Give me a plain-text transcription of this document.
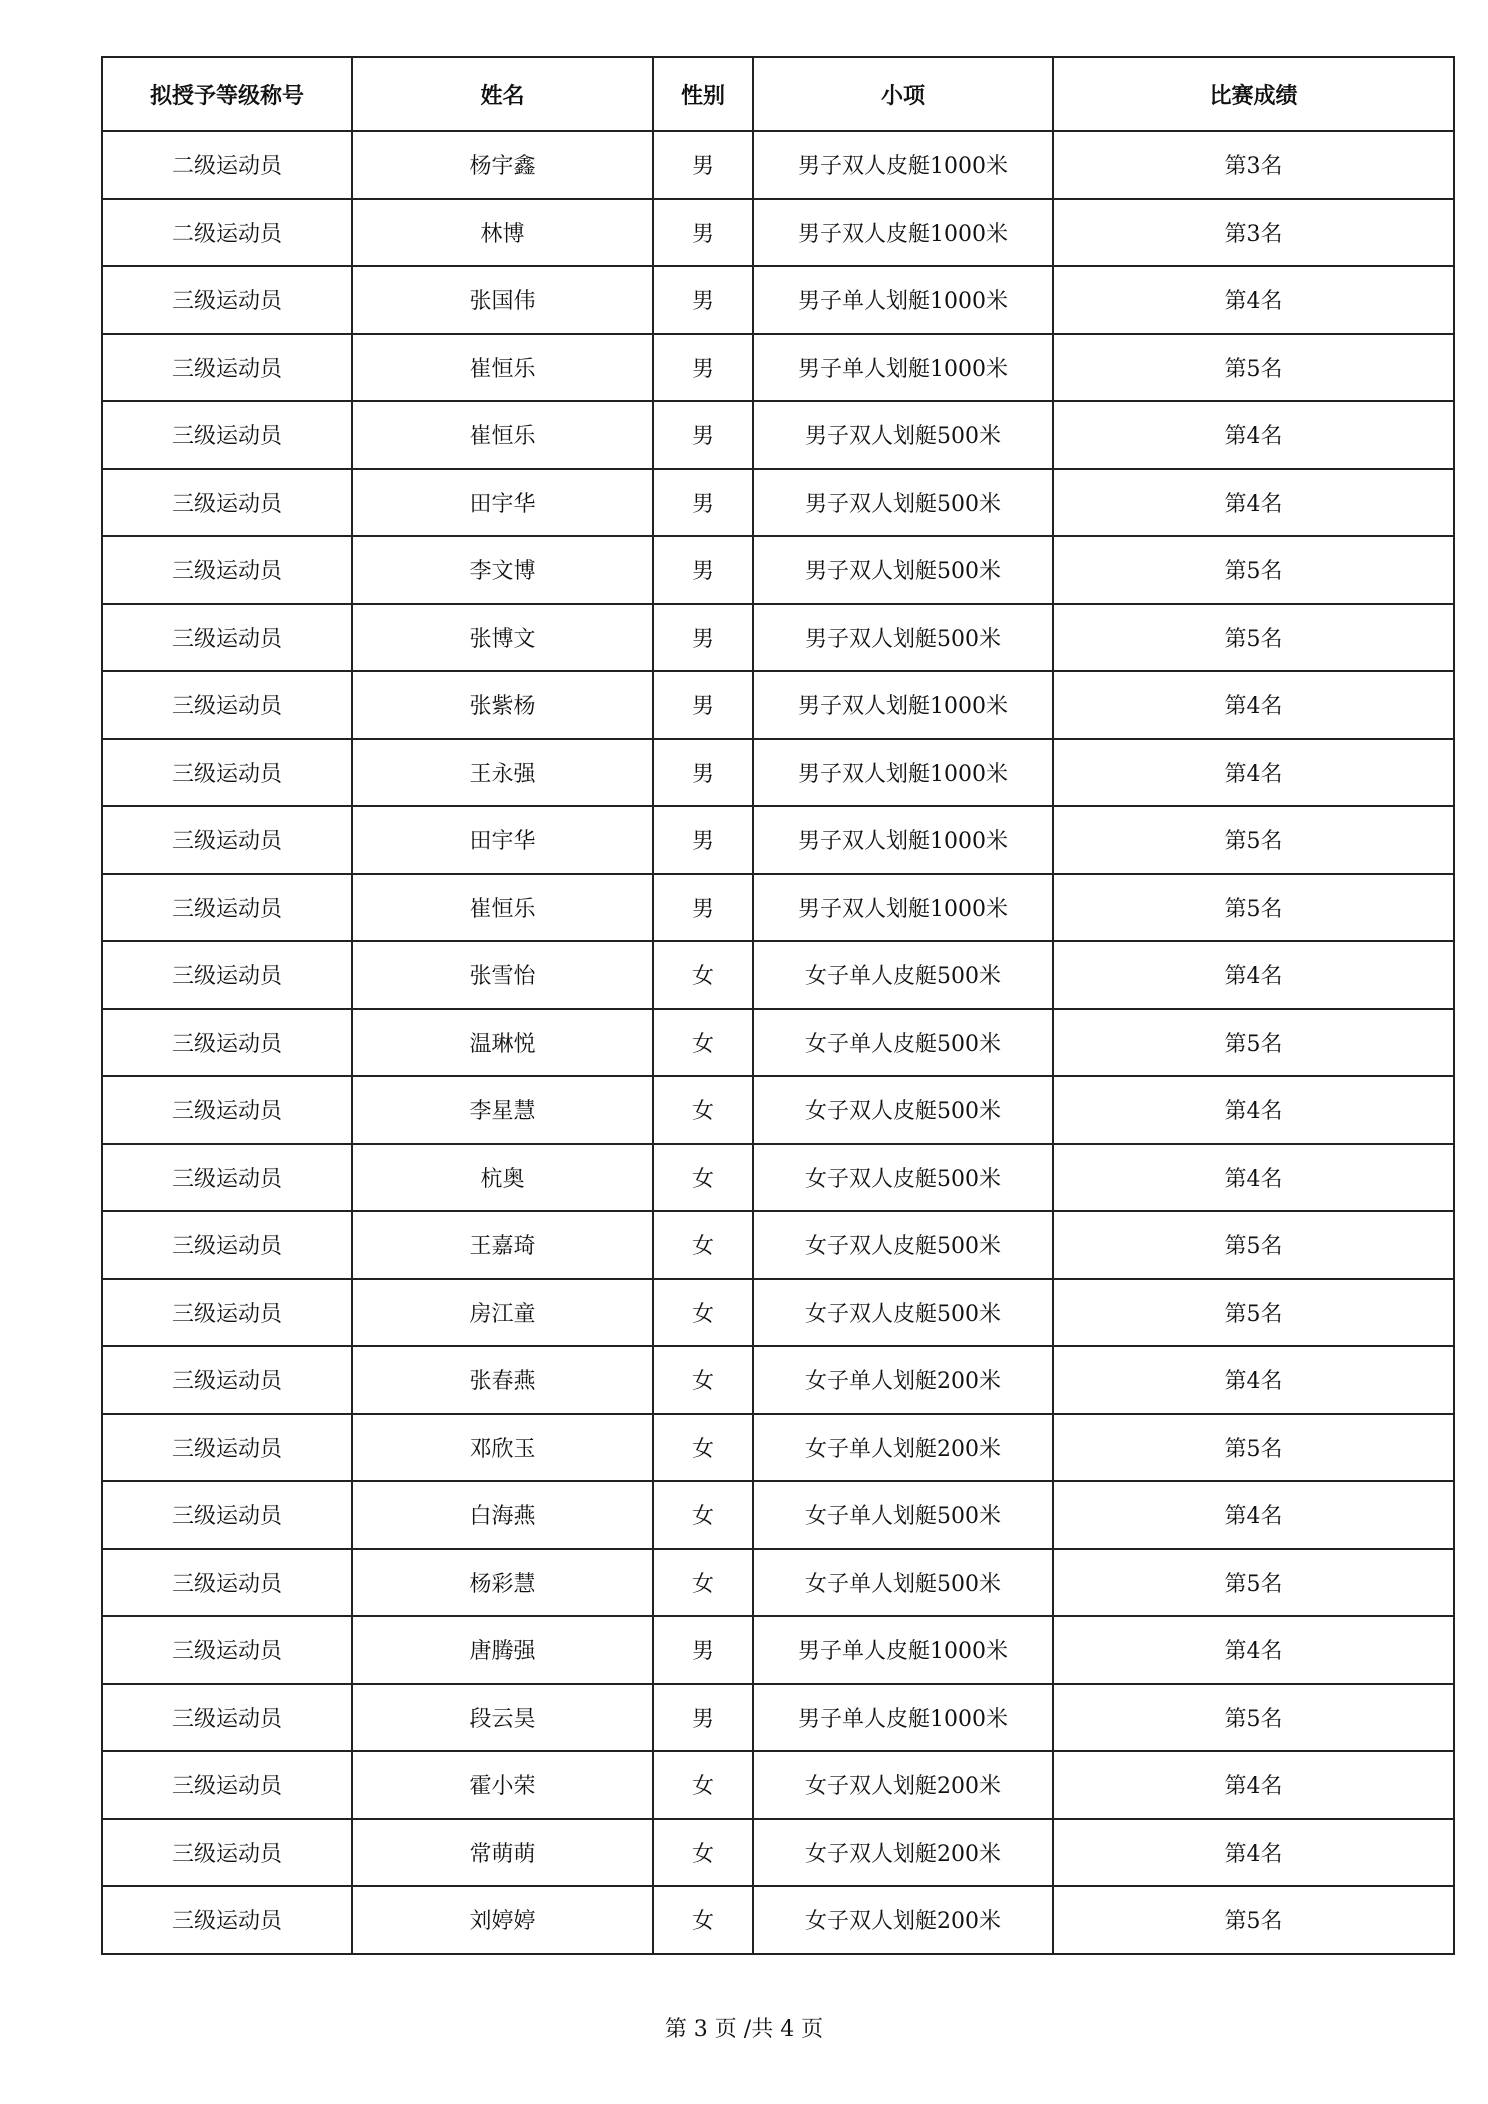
拟授予等级称号	姓名	性别	小项	比赛成绩
二级运动员	杨宇鑫	男	男子双人皮艇1000米	第3名
二级运动员	林博	男	男子双人皮艇1000米	第3名
三级运动员	张国伟	男	男子单人划艇1000米	第4名
三级运动员	崔恒乐	男	男子单人划艇1000米	第5名
三级运动员	崔恒乐	男	男子双人划艇500米	第4名
三级运动员	田宇华	男	男子双人划艇500米	第4名
三级运动员	李文博	男	男子双人划艇500米	第5名
三级运动员	张博文	男	男子双人划艇500米	第5名
三级运动员	张紫杨	男	男子双人划艇1000米	第4名
三级运动员	王永强	男	男子双人划艇1000米	第4名
三级运动员	田宇华	男	男子双人划艇1000米	第5名
三级运动员	崔恒乐	男	男子双人划艇1000米	第5名
三级运动员	张雪怡	女	女子单人皮艇500米	第4名
三级运动员	温琳悦	女	女子单人皮艇500米	第5名
三级运动员	李星慧	女	女子双人皮艇500米	第4名
三级运动员	杭奥	女	女子双人皮艇500米	第4名
三级运动员	王嘉琦	女	女子双人皮艇500米	第5名
三级运动员	房江童	女	女子双人皮艇500米	第5名
三级运动员	张春燕	女	女子单人划艇200米	第4名
三级运动员	邓欣玉	女	女子单人划艇200米	第5名
三级运动员	白海燕	女	女子单人划艇500米	第4名
三级运动员	杨彩慧	女	女子单人划艇500米	第5名
三级运动员	唐腾强	男	男子单人皮艇1000米	第4名
三级运动员	段云昊	男	男子单人皮艇1000米	第5名
三级运动员	霍小荣	女	女子双人划艇200米	第4名
三级运动员	常萌萌	女	女子双人划艇200米	第4名
三级运动员	刘婷婷	女	女子双人划艇200米	第5名
第 3 页 /共 4 页
